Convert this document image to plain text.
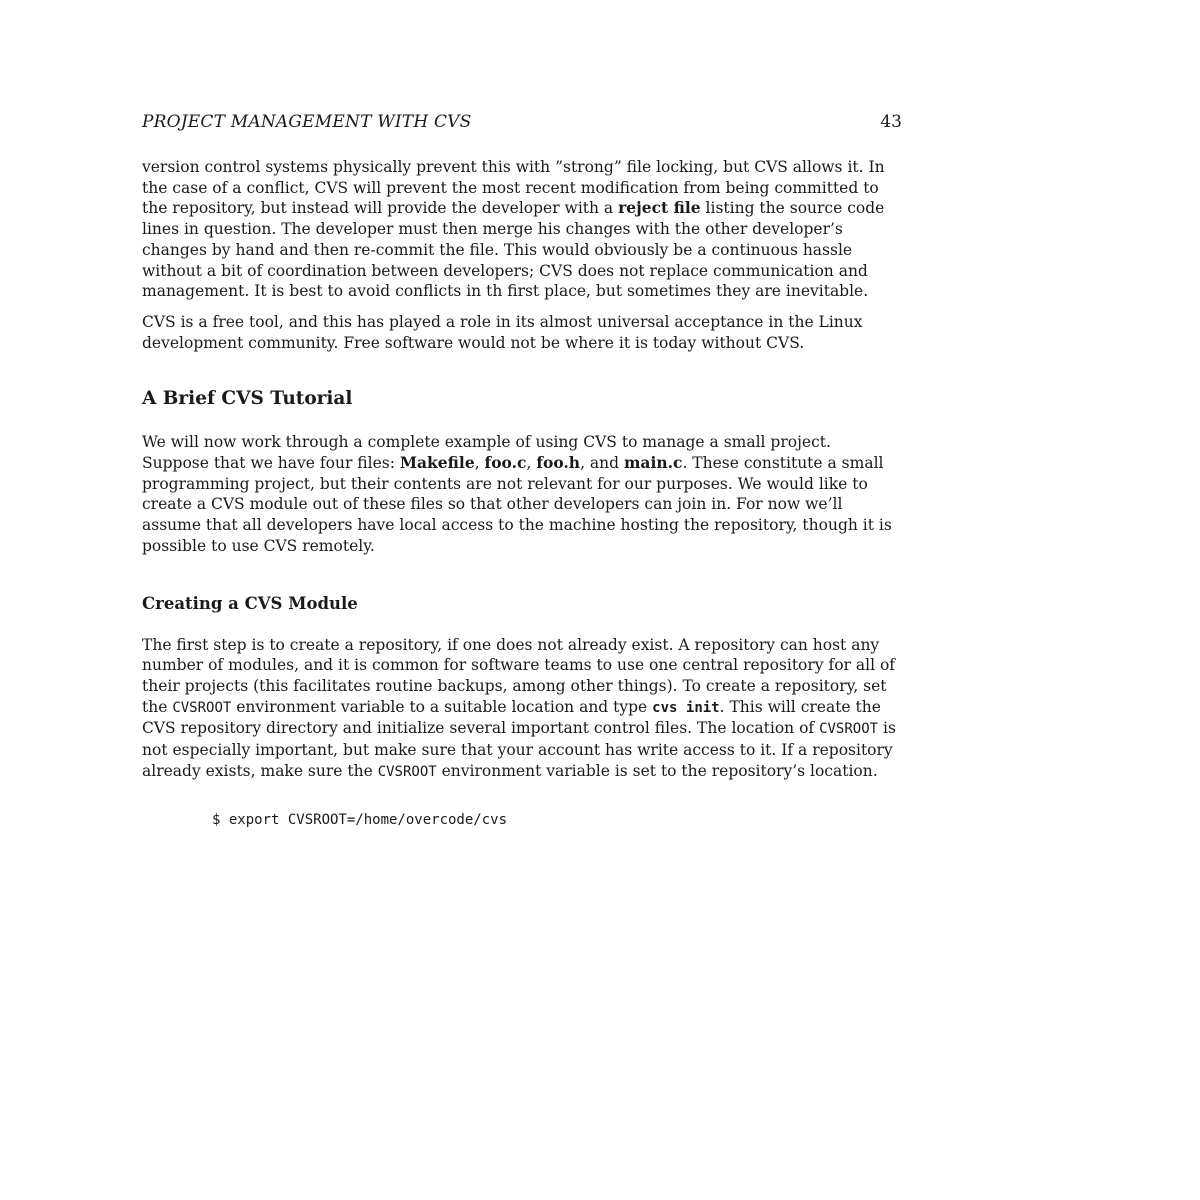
PROJECT MANAGEMENT WITH CVS	43

version control systems physically prevent this with ”strong” file locking, but CVS allows it. In the case of a conflict, CVS will prevent the most recent modification from being committed to the repository, but instead will provide the developer with a reject file listing the source code lines in question. The developer must then merge his changes with the other developer’s changes by hand and then re-commit the file. This would obviously be a continuous hassle without a bit of coordination between developers; CVS does not replace communication and management. It is best to avoid conflicts in th first place, but sometimes they are inevitable.

CVS is a free tool, and this has played a role in its almost universal acceptance in the Linux development community. Free software would not be where it is today without CVS.

A Brief CVS Tutorial

We will now work through a complete example of using CVS to manage a small project. Suppose that we have four files: Makefile, foo.c, foo.h, and main.c. These constitute a small programming project, but their contents are not relevant for our purposes. We would like to create a CVS module out of these files so that other developers can join in. For now we’ll assume that all developers have local access to the machine hosting the repository, though it is possible to use CVS remotely.

Creating a CVS Module

The first step is to create a repository, if one does not already exist. A repository can host any number of modules, and it is common for software teams to use one central repository for all of their projects (this facilitates routine backups, among other things). To create a repository, set the CVSROOT environment variable to a suitable location and type cvs init. This will create the CVS repository directory and initialize several important control files. The location of CVSROOT is not especially important, but make sure that your account has write access to it. If a repository already exists, make sure the CVSROOT environment variable is set to the repository’s location.

$ export CVSROOT=/home/overcode/cvs
